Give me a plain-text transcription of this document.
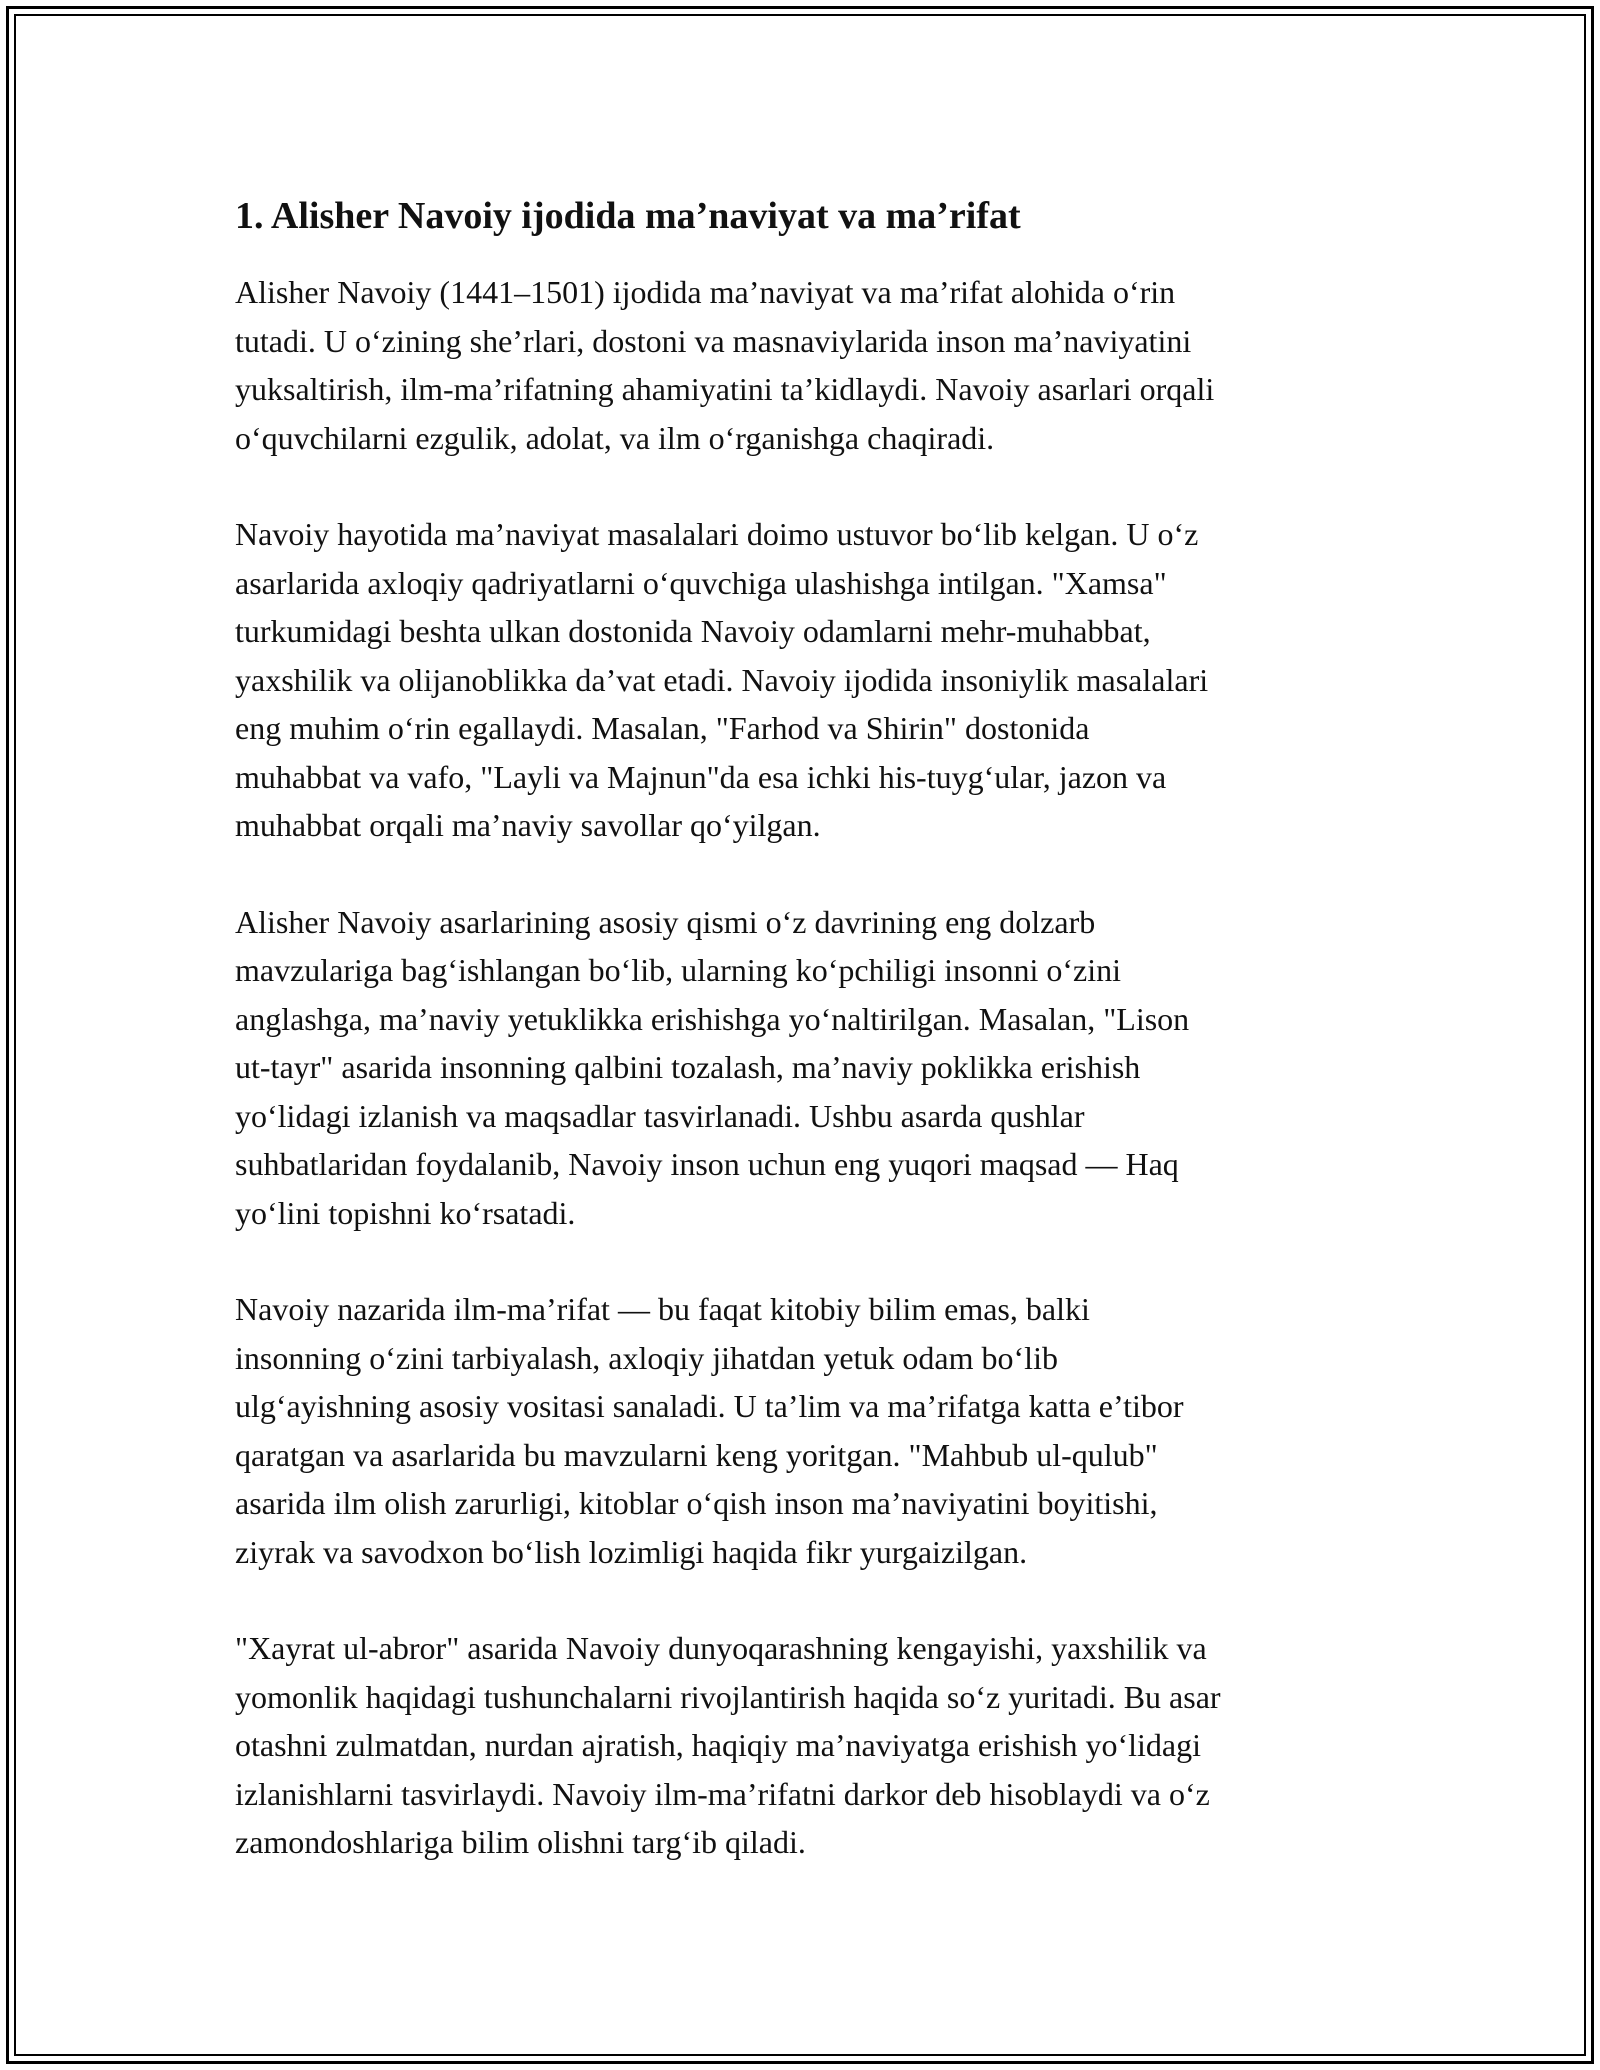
1. Alisher Navoiy ijodida ma’naviyat va ma’rifat

Alisher Navoiy (1441–1501) ijodida ma’naviyat va ma’rifat alohida o‘rin
tutadi. U o‘zining she’rlari, dostoni va masnaviylarida inson ma’naviyatini
yuksaltirish, ilm-ma’rifatning ahamiyatini ta’kidlaydi. Navoiy asarlari orqali
o‘quvchilarni ezgulik, adolat, va ilm o‘rganishga chaqiradi.

Navoiy hayotida ma’naviyat masalalari doimo ustuvor bo‘lib kelgan. U o‘z
asarlarida axloqiy qadriyatlarni o‘quvchiga ulashishga intilgan. "Xamsa"
turkumidagi beshta ulkan dostonida Navoiy odamlarni mehr-muhabbat,
yaxshilik va olijanoblikka da’vat etadi. Navoiy ijodida insoniylik masalalari
eng muhim o‘rin egallaydi. Masalan, "Farhod va Shirin" dostonida
muhabbat va vafo, "Layli va Majnun"da esa ichki his-tuyg‘ular, jazon va
muhabbat orqali ma’naviy savollar qo‘yilgan.

Alisher Navoiy asarlarining asosiy qismi o‘z davrining eng dolzarb
mavzulariga bag‘ishlangan bo‘lib, ularning ko‘pchiligi insonni o‘zini
anglashga, ma’naviy yetuklikka erishishga yo‘naltirilgan. Masalan, "Lison
ut-tayr" asarida insonning qalbini tozalash, ma’naviy poklikka erishish
yo‘lidagi izlanish va maqsadlar tasvirlanadi. Ushbu asarda qushlar
suhbatlaridan foydalanib, Navoiy inson uchun eng yuqori maqsad — Haq
yo‘lini topishni ko‘rsatadi.

Navoiy nazarida ilm-ma’rifat — bu faqat kitobiy bilim emas, balki
insonning o‘zini tarbiyalash, axloqiy jihatdan yetuk odam bo‘lib
ulg‘ayishning asosiy vositasi sanaladi. U ta’lim va ma’rifatga katta e’tibor
qaratgan va asarlarida bu mavzularni keng yoritgan. "Mahbub ul-qulub"
asarida ilm olish zarurligi, kitoblar o‘qish inson ma’naviyatini boyitishi,
ziyrak va savodxon bo‘lish lozimligi haqida fikr yurgaizilgan.

"Xayrat ul-abror" asarida Navoiy dunyoqarashning kengayishi, yaxshilik va
yomonlik haqidagi tushunchalarni rivojlantirish haqida so‘z yuritadi. Bu asar
otashni zulmatdan, nurdan ajratish, haqiqiy ma’naviyatga erishish yo‘lidagi
izlanishlarni tasvirlaydi. Navoiy ilm-ma’rifatni darkor deb hisoblaydi va o‘z
zamondoshlariga bilim olishni targ‘ib qiladi.
